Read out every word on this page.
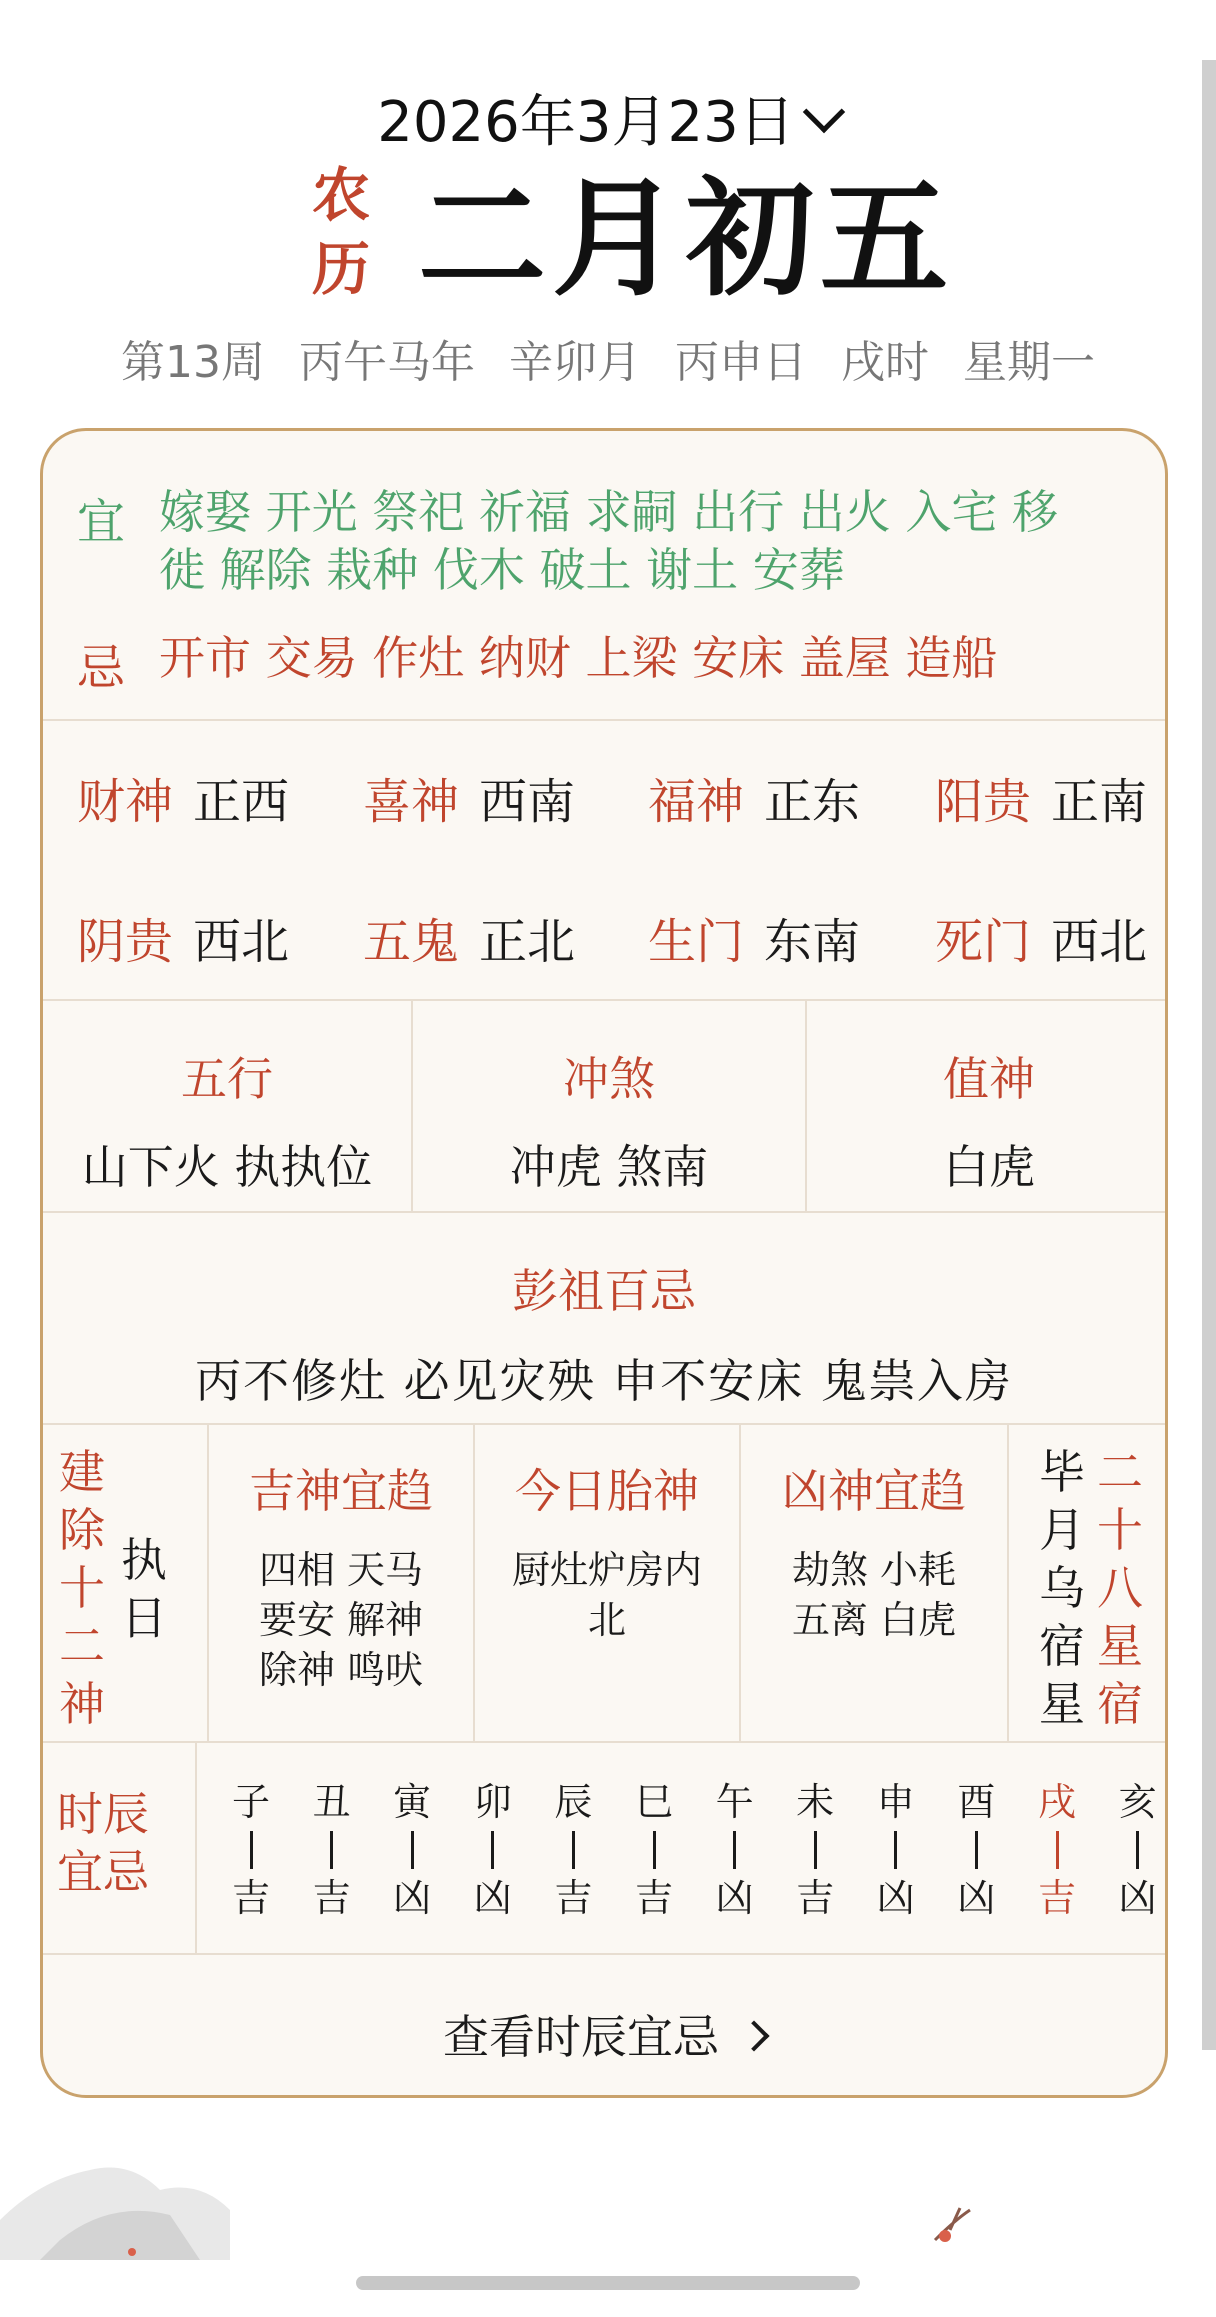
2026年3月23日
农
历 二月初五
第13周 丙午马年 辛卯月 丙申日 戌时 星期一
宜 嫁娶 开光 祭祀 祈福 求嗣 出行 出火 入宅 移
徙 解除 栽种 伐木 破土 谢土 安葬
忌 开市 交易 作灶 纳财 上梁 安床 盖屋 造船
财神 正西 喜神 西南 福神 正东 阳贵 正南
阴贵 西北 五鬼 正北 生门 东南 死门 西北
五行
山下火 执执位
冲煞
冲虎 煞南
值神
白虎
彭祖百忌
丙不修灶 必见灾殃 申不安床 鬼祟入房
建
除
十
二
神
执
日
吉神宜趋
四相 天马
要安 解神
除神 鸣吠
今日胎神
厨灶炉房内
北
凶神宜趋
劫煞 小耗
五离 白虎
毕
月
乌
宿
星
二
十
八
星
宿
时辰
宜忌
子
吉
丑
吉
寅
凶
卯
凶
辰
吉
巳
吉
午
凶
未
吉
申
凶
酉
凶
戌
吉
亥
凶
查看时辰宜忌
